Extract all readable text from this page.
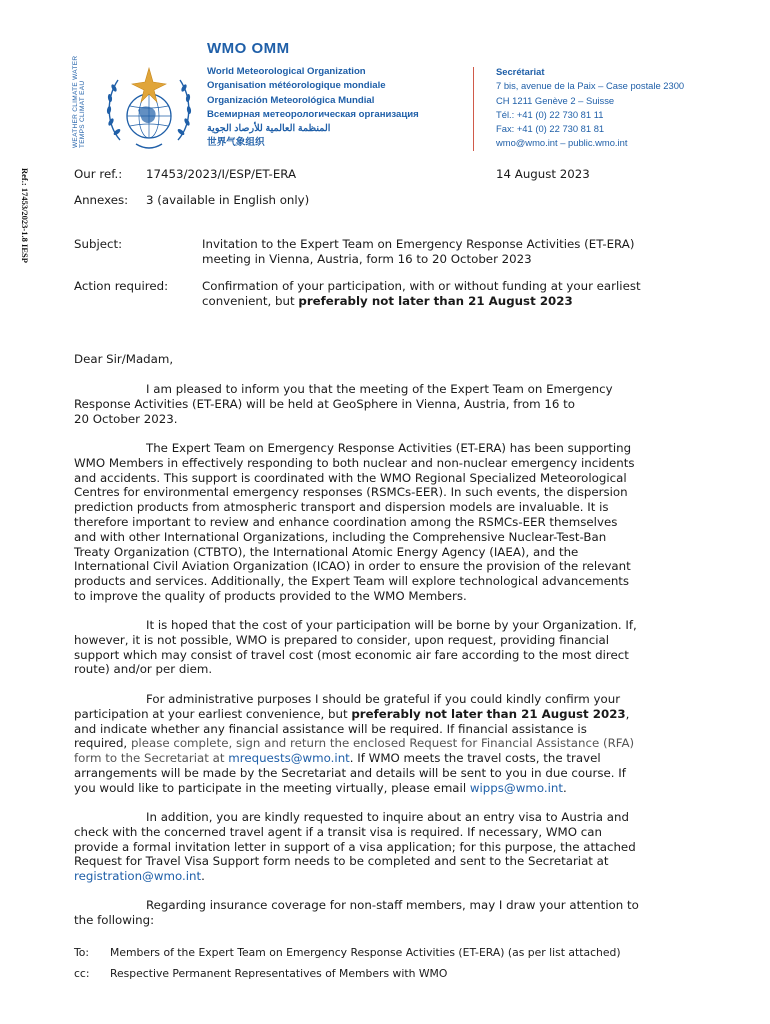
WEATHER CLIMATE WATER TEMPS CLIMAT EAU
WMO OMM
World Meteorological Organization
Organisation météorologique mondiale
Organización Meteorológica Mundial
Всемирная метеорологическая организация
المنظمة العالمية للأرصاد الجوية
世界气象组织
Secrétariat
7 bis, avenue de la Paix – Case postale 2300
CH 1211 Genève 2 – Suisse
Tél.: +41 (0) 22 730 81 11
Fax: +41 (0) 22 730 81 81
wmo@wmo.int – public.wmo.int
Ref.: 17453/2023-1.8 IESP	Our ref.: 17453/2023/I/ESP/ET-ERA	14 August 2023
Annexes: 3 (available in English only)
Subject:	Invitation to the Expert Team on Emergency Response Activities (ET-ERA)
meeting in Vienna, Austria, form 16 to 20 October 2023
Action required:	Confirmation of your participation, with or without funding at your earliest
convenient, but preferably not later than 21 August 2023
Dear Sir/Madam,
I am pleased to inform you that the meeting of the Expert Team on Emergency
Response Activities (ET-ERA) will be held at GeoSphere in Vienna, Austria, from 16 to
20 October 2023.
The Expert Team on Emergency Response Activities (ET-ERA) has been supporting
WMO Members in effectively responding to both nuclear and non-nuclear emergency incidents
and accidents. This support is coordinated with the WMO Regional Specialized Meteorological
Centres for environmental emergency responses (RSMCs-EER). In such events, the dispersion
prediction products from atmospheric transport and dispersion models are invaluable. It is
therefore important to review and enhance coordination among the RSMCs-EER themselves
and with other International Organizations, including the Comprehensive Nuclear-Test-Ban
Treaty Organization (CTBTO), the International Atomic Energy Agency (IAEA), and the
International Civil Aviation Organization (ICAO) in order to ensure the provision of the relevant
products and services. Additionally, the Expert Team will explore technological advancements
to improve the quality of products provided to the WMO Members.
It is hoped that the cost of your participation will be borne by your Organization. If,
however, it is not possible, WMO is prepared to consider, upon request, providing financial
support which may consist of travel cost (most economic air fare according to the most direct
route) and/or per diem.
For administrative purposes I should be grateful if you could kindly confirm your
participation at your earliest convenience, but preferably not later than 21 August 2023,
and indicate whether any financial assistance will be required. If financial assistance is
required, please complete, sign and return the enclosed Request for Financial Assistance (RFA)
form to the Secretariat at mrequests@wmo.int. If WMO meets the travel costs, the travel
arrangements will be made by the Secretariat and details will be sent to you in due course. If
you would like to participate in the meeting virtually, please email wipps@wmo.int.
In addition, you are kindly requested to inquire about an entry visa to Austria and
check with the concerned travel agent if a transit visa is required. If necessary, WMO can
provide a formal invitation letter in support of a visa application; for this purpose, the attached
Request for Travel Visa Support form needs to be completed and sent to the Secretariat at
registration@wmo.int.
Regarding insurance coverage for non-staff members, may I draw your attention to
the following:
To: Members of the Expert Team on Emergency Response Activities (ET-ERA) (as per list attached)
cc: Respective Permanent Representatives of Members with WMO
